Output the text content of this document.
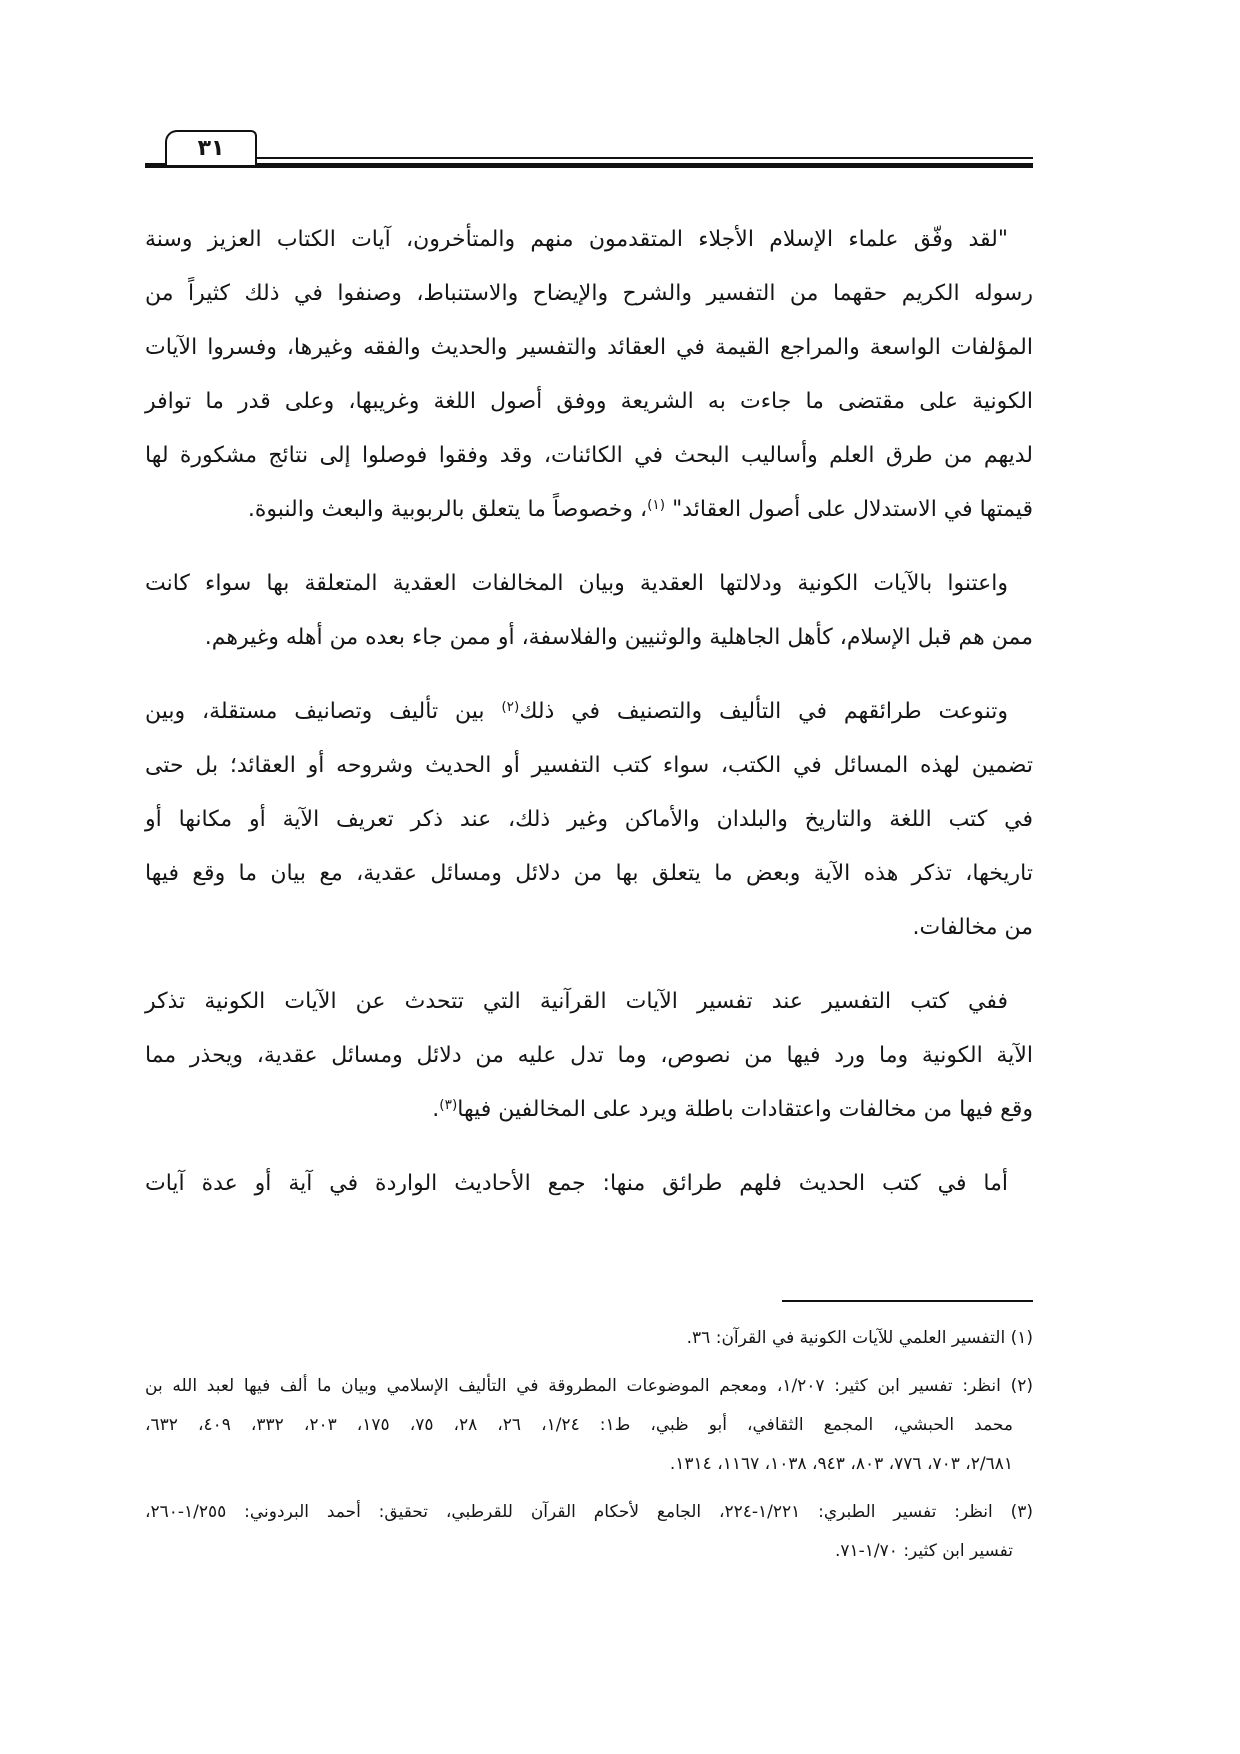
٣١
"لقد وفّق علماء الإسلام الأجلاء المتقدمون منهم والمتأخرون، آيات الكتاب العزيز وسنة
رسوله الكريم حقهما من التفسير والشرح والإيضاح والاستنباط، وصنفوا في ذلك كثيراً من
المؤلفات الواسعة والمراجع القيمة في العقائد والتفسير والحديث والفقه وغيرها، وفسروا الآيات
الكونية على مقتضى ما جاءت به الشريعة ووفق أصول اللغة وغريبها، وعلى قدر ما توافر
لديهم من طرق العلم وأساليب البحث في الكائنات، وقد وفقوا فوصلوا إلى نتائج مشكورة لها
قيمتها في الاستدلال على أصول العقائد" $^{(١)}$، وخصوصاً ما يتعلق بالربوبية والبعث والنبوة.
واعتنوا بالآيات الكونية ودلالتها العقدية وبيان المخالفات العقدية المتعلقة بها سواء كانت
ممن هم قبل الإسلام، كأهل الجاهلية والوثنيين والفلاسفة، أو ممن جاء بعده من أهله وغيرهم.
وتنوعت طرائقهم في التأليف والتصنيف في ذلك$^{(٢)}$ بين تأليف وتصانيف مستقلة، وبين
تضمين لهذه المسائل في الكتب، سواء كتب التفسير أو الحديث وشروحه أو العقائد؛ بل حتى
في كتب اللغة والتاريخ والبلدان والأماكن وغير ذلك، عند ذكر تعريف الآية أو مكانها أو
تاريخها، تذكر هذه الآية وبعض ما يتعلق بها من دلائل ومسائل عقدية، مع بيان ما وقع فيها
من مخالفات.
ففي كتب التفسير عند تفسير الآيات القرآنية التي تتحدث عن الآيات الكونية تذكر
الآية الكونية وما ورد فيها من نصوص، وما تدل عليه من دلائل ومسائل عقدية، ويحذر مما
وقع فيها من مخالفات واعتقادات باطلة ويرد على المخالفين فيها$^{(٣)}$.
أما في كتب الحديث فلهم طرائق منها: جمع الأحاديث الواردة في آية أو عدة آيات
(١) التفسير العلمي للآيات الكونية في القرآن: ٣٦.
(٢) انظر: تفسير ابن كثير: ١/٢٠٧، ومعجم الموضوعات المطروقة في التأليف الإسلامي وبيان ما ألف فيها لعبد الله بن
محمد الحبشي، المجمع الثقافي، أبو ظبي، ط١: ١/٢٤، ٢٦، ٢٨، ٧٥، ١٧٥، ٢٠٣، ٣٣٢، ٤٠٩، ٦٣٢،
٢/٦٨١، ٧٠٣، ٧٧٦، ٨٠٣، ٩٤٣، ١٠٣٨، ١١٦٧، ١٣١٤.
(٣) انظر: تفسير الطبري: ١/٢٢١-٢٢٤، الجامع لأحكام القرآن للقرطبي، تحقيق: أحمد البردوني: ١/٢٥٥-٢٦٠،
تفسير ابن كثير: ١/٧٠-٧١.
